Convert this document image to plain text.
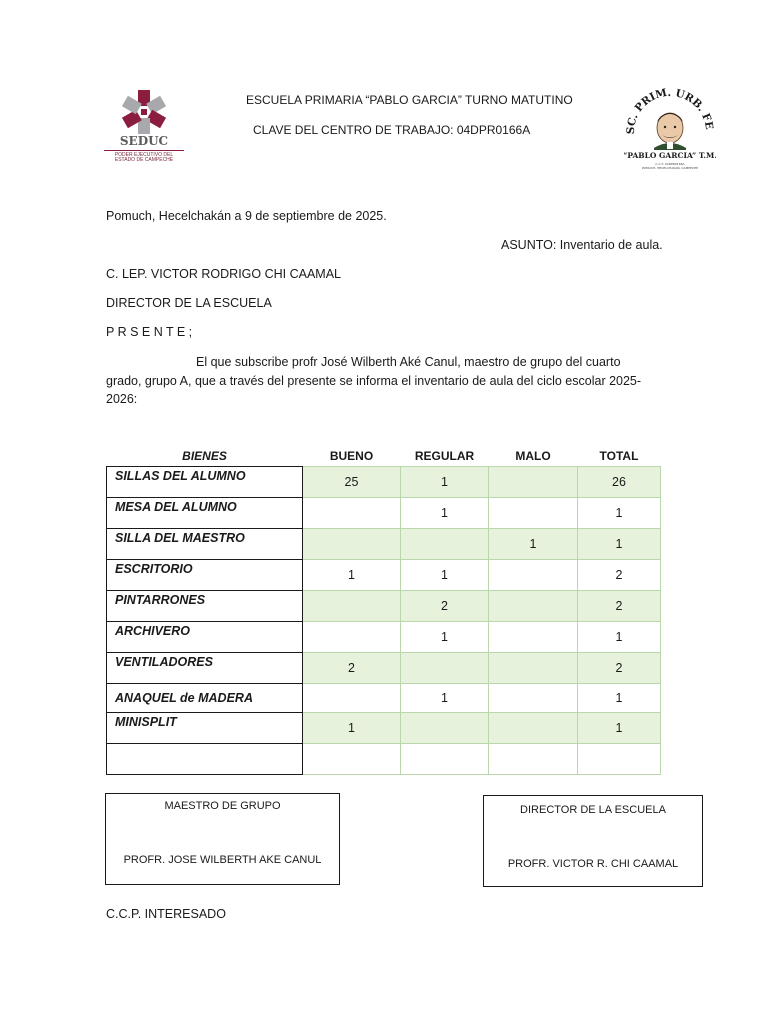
SEDUC
PODER EJECUTIVO DEL
ESTADO DE CAMPECHE
ESCUELA PRIMARIA “PABLO GARCIA” TURNO MATUTINO
CLAVE DEL CENTRO DE TRABAJO: 04DPR0166A	SC. PRIM. URB. FE
“PABLO GARCIA” T.M.
C.C.T. 04DPR0166A
POMUCH, HECELCHAKÁN, CAMPECHE
Pomuch, Hecelchakán a 9 de septiembre de 2025.
ASUNTO: Inventario de aula.
C. LEP. VICTOR RODRIGO CHI CAAMAL
DIRECTOR DE LA ESCUELA
P R S E N T E ;
El que subscribe profr José Wilberth Aké Canul, maestro de grupo del cuarto
grado, grupo A, que a través del presente se informa el inventario de aula del ciclo escolar 2025-
2026:
BIENES	BUENO	REGULAR	MALO	TOTAL
SILLAS DEL ALUMNO	25	1		26
MESA DEL ALUMNO		1		1
SILLA DEL MAESTRO			1	1
ESCRITORIO	1	1		2
PINTARRONES		2		2
ARCHIVERO		1		1
VENTILADORES	2			2
ANAQUEL de MADERA		1		1
MINISPLIT	1			1

MAESTRO DE GRUPO
PROFR. JOSE WILBERTH AKE CANUL
DIRECTOR DE LA ESCUELA
PROFR. VICTOR R. CHI CAAMAL
C.C.P. INTERESADO
